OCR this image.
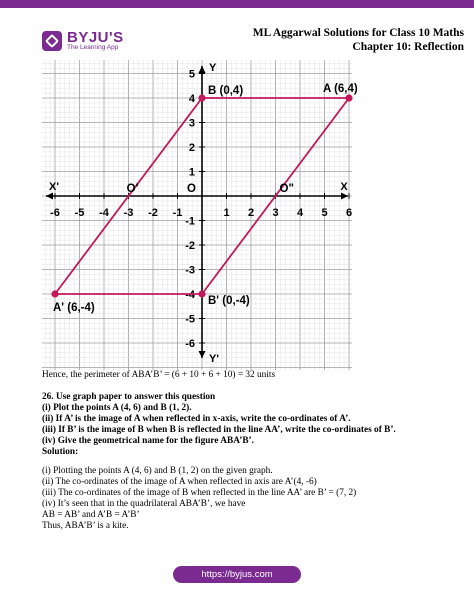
BYJU'S
The Learning App
ML Aggarwal Solutions for Class 10 Maths
Chapter 10: Reflection
-6 -5 -4 -3 -2 -1	1 2 3 4 5 6
5
4
3
2
1
-1
-2
-3
-4
-5
-6
X
X'
Y
Y'
O
B (0,4)	A (6,4)
B' (0,-4)
A' (6,-4)
O'	O"
Hence, the perimeter of ABA’B’ = (6 + 10 + 6 + 10) = 32 units
26. Use graph paper to answer this question
(i) Plot the points A (4, 6) and B (1, 2).
(ii) If A’ is the image of A when reflected in x-axis, write the co-ordinates of A’.
(iii) If B’ is the image of B when B is reflected in the line AA’, write the co-ordinates of B’.
(iv) Give the geometrical name for the figure ABA’B’.
Solution:
(i) Plotting the points A (4, 6) and B (1, 2) on the given graph.
(ii) The co-ordinates of the image of A when reflected in axis are A’(4, -6)
(iii) The co-ordinates of the image of B when reflected in the line AA’ are B’ = (7, 2)
(iv) It’s seen that in the quadrilateral ABA’B’, we have
AB = AB’ and A’B = A’B’
Thus, ABA’B’ is a kite.
https://byjus.com
